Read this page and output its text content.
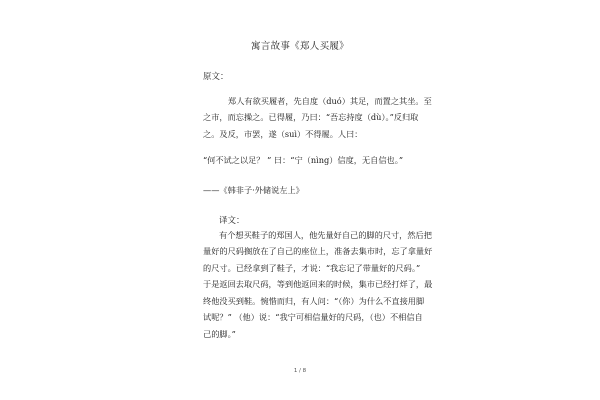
寓言故事《郑人买履》
原文：
郑人有欲买履者，先自度（duó）其足，而置之其坐。至
之市，而忘操之。已得履，乃曰：“吾忘持度（dù）。”反归取
之。及反，市罢，遂（suì）不得履。人曰：
“何不试之以足？ ” 曰：“宁（nìng）信度，无自信也。”
——《韩非子·外储说左上》
译文：
有个想买鞋子的郑国人，他先量好自己的脚的尺寸，然后把
量好的尺码搁放在了自己的座位上，准备去集市时，忘了拿量好
的尺寸。已经拿到了鞋子，才说：“我忘记了带量好的尺码。”
于是返回去取尺码，等到他返回来的时候，集市已经打烊了，最
终他没买到鞋。惋惜而归，有人问：“（你）为什么不直接用脚
试呢？” （他）说：“我宁可相信量好的尺码，（也）不相信自
己的脚。”
1 / 8
